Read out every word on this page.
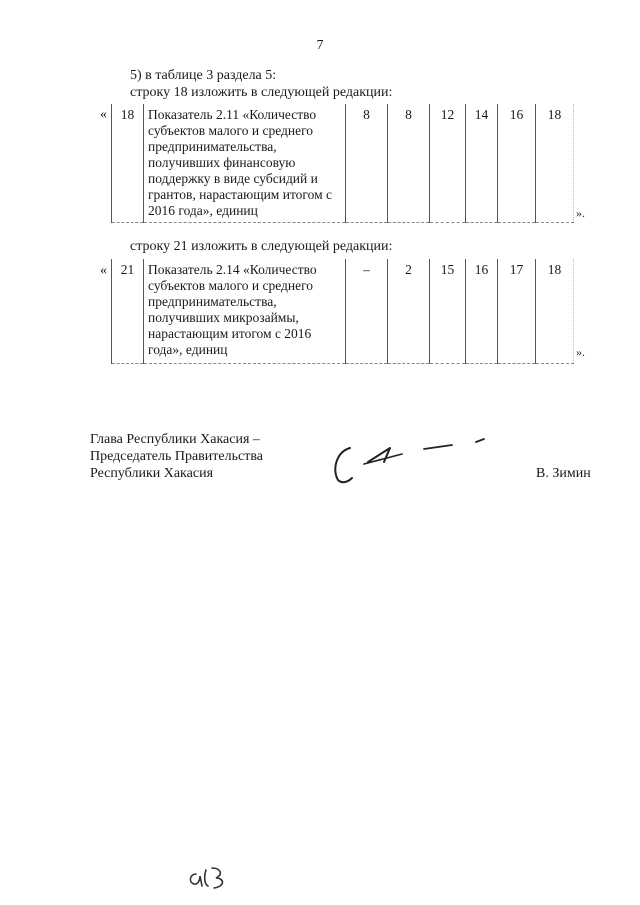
7
5) в таблице 3 раздела 5:
строку 18 изложить в следующей редакции:
« 18	Показатель 2.11 «Количество
субъектов малого и среднего
предпринимательства,
получивших финансовую
поддержку в виде субсидий и
грантов, нарастающим итогом с
2016 года», единиц
	8	8	12	14	16	18
».
строку 21 изложить в следующей редакции:
« 21	Показатель 2.14 «Количество
субъектов малого и среднего
предпринимательства,
получивших микрозаймы,
нарастающим итогом с 2016
года», единиц
	–	2	15	16	17	18
».
Глава Республики Хакасия –
Председатель Правительства
Республики Хакасия	В. Зимин
